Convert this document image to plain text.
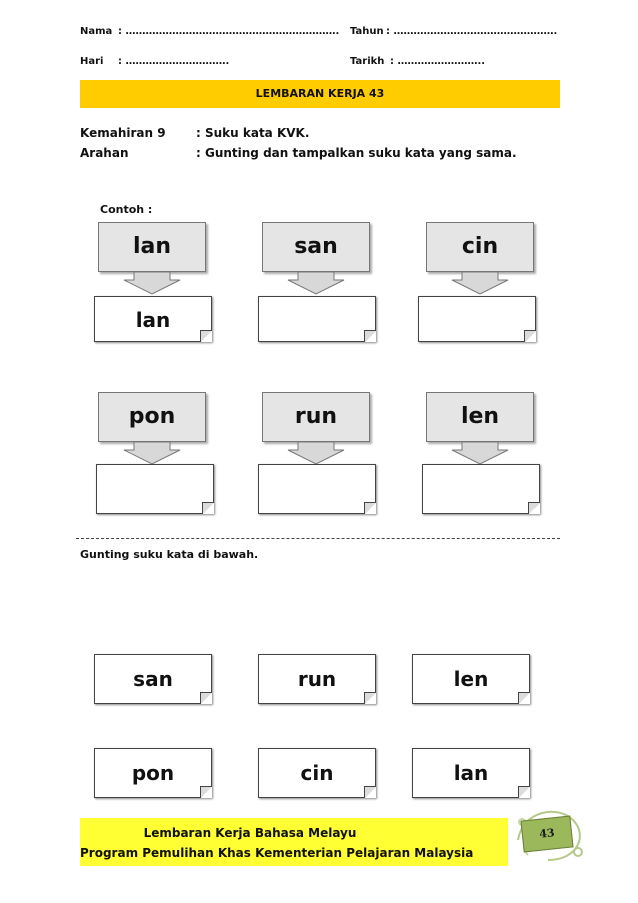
Nama : ………………………………………………………. Tahun : ………………………………………….
Hari : ………………………….	Tarikh : ……………………..
LEMBARAN KERJA 43
Kemahiran 9	: Suku kata KVK.
Arahan	: Gunting dan tampalkan suku kata yang sama.
Contoh :
lan	san	cin
lan
pon	run	len
Gunting suku kata di bawah.
san	run	len
pon	cin	lan
Lembaran Kerja Bahasa Melayu
Program Pemulihan Khas Kementerian Pelajaran Malaysia
43
